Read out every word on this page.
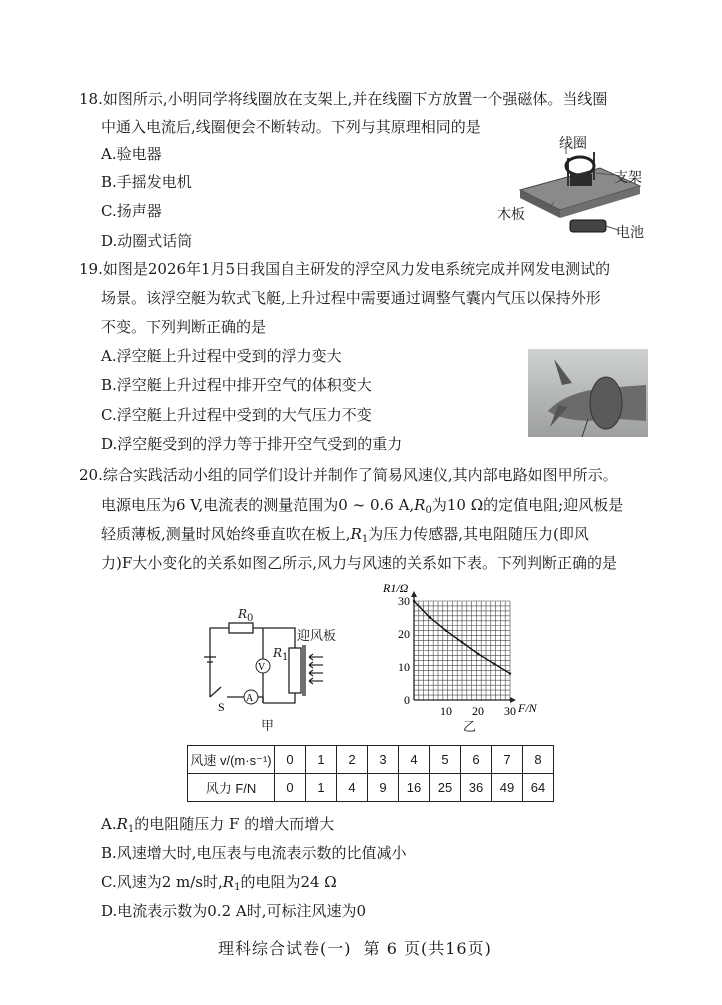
18.如图所示,小明同学将线圈放在支架上,并在线圈下方放置一个强磁体。当线圈
中通入电流后,线圈便会不断转动。下列与其原理相同的是
A.验电器
B.手摇发电机
C.扬声器
D.动圈式话筒
线圈
支架
木板
电池
19.如图是2026年1月5日我国自主研发的浮空风力发电系统完成并网发电测试的
场景。该浮空艇为软式飞艇,上升过程中需要通过调整气囊内气压以保持外形
不变。下列判断正确的是
A.浮空艇上升过程中受到的浮力变大
B.浮空艇上升过程中排开空气的体积变大
C.浮空艇上升过程中受到的大气压力不变
D.浮空艇受到的浮力等于排开空气受到的重力
20.综合实践活动小组的同学们设计并制作了简易风速仪,其内部电路如图甲所示。
电源电压为6 V,电流表的测量范围为0 ~ 0.6 $A,R_0$为10 Ω的定值电阻;迎风板是
轻质薄板,测量时风始终垂直吹在板上$,R_1$为压力传感器,其电阻随压力(即风
力)F大小变化的关系如图乙所示,风力与风速的关系如下表。下列判断正确的是
V
A
S
$R_0$
$R_1$
迎风板
甲
0
10
20
30
10 20 30 F/N
R1/Ω
乙
风速 v/(m·s⁻¹)	0	1	2	3	4	5	6	7	8
风力 F/N	0	1	4	9	16	25	36	49	64
$A.R_1$的电阻随压力 F 的增大而增大
B.风速增大时,电压表与电流表示数的比值减小
C.风速为2 m/s时$,R_1$的电阻为24 Ω
D.电流表示数为0.2 A时,可标注风速为0
理科综合试卷(一)  第 6 页(共16页)
